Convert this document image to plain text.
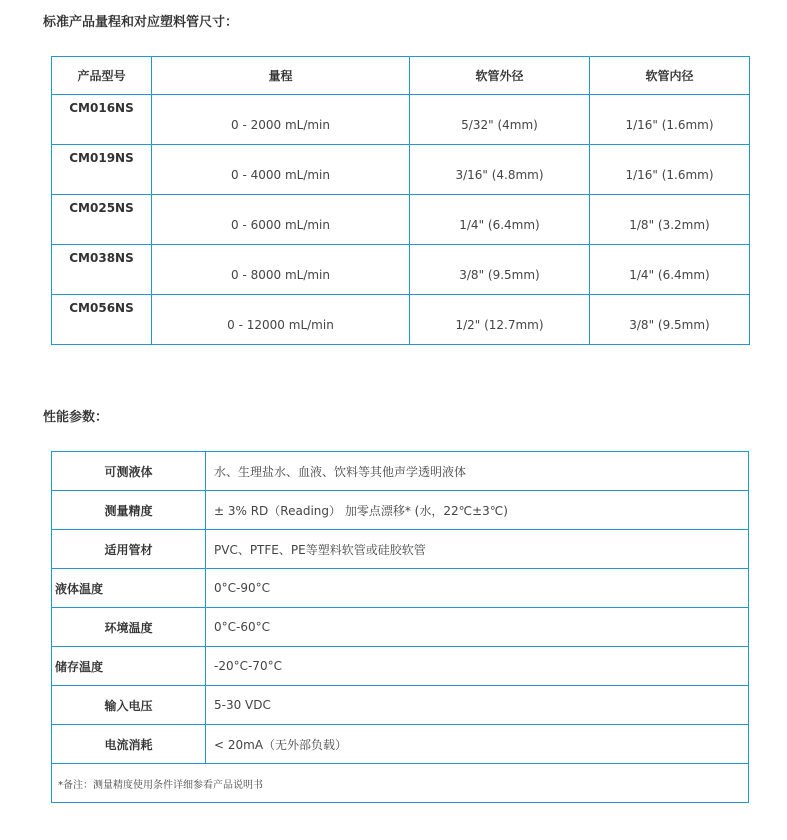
标准产品量程和对应塑料管尺寸：
产品型号	量程	软管外径	软管内径
CM016NS	0 - 2000 mL/min	5/32" (4mm)	1/16" (1.6mm)
CM019NS	0 - 4000 mL/min	3/16" (4.8mm)	1/16" (1.6mm)
CM025NS	0 - 6000 mL/min	1/4" (6.4mm)	1/8" (3.2mm)
CM038NS	0 - 8000 mL/min	3/8" (9.5mm)	1/4" (6.4mm)
CM056NS	0 - 12000 mL/min	1/2" (12.7mm)	3/8" (9.5mm)
性能参数：
可测液体	水、生理盐水、血液、饮料等其他声学透明液体
测量精度	± 3% RD（Reading） 加零点漂移* (水，22℃±3℃)
适用管材	PVC、PTFE、PE等塑料软管或硅胶软管
液体温度	0°C-90°C
环境温度	0°C-60°C
储存温度	-20°C-70°C
输入电压	5-30 VDC
电流消耗	< 20mA（无外部负载）
*备注：测量精度使用条件详细参看产品说明书	
